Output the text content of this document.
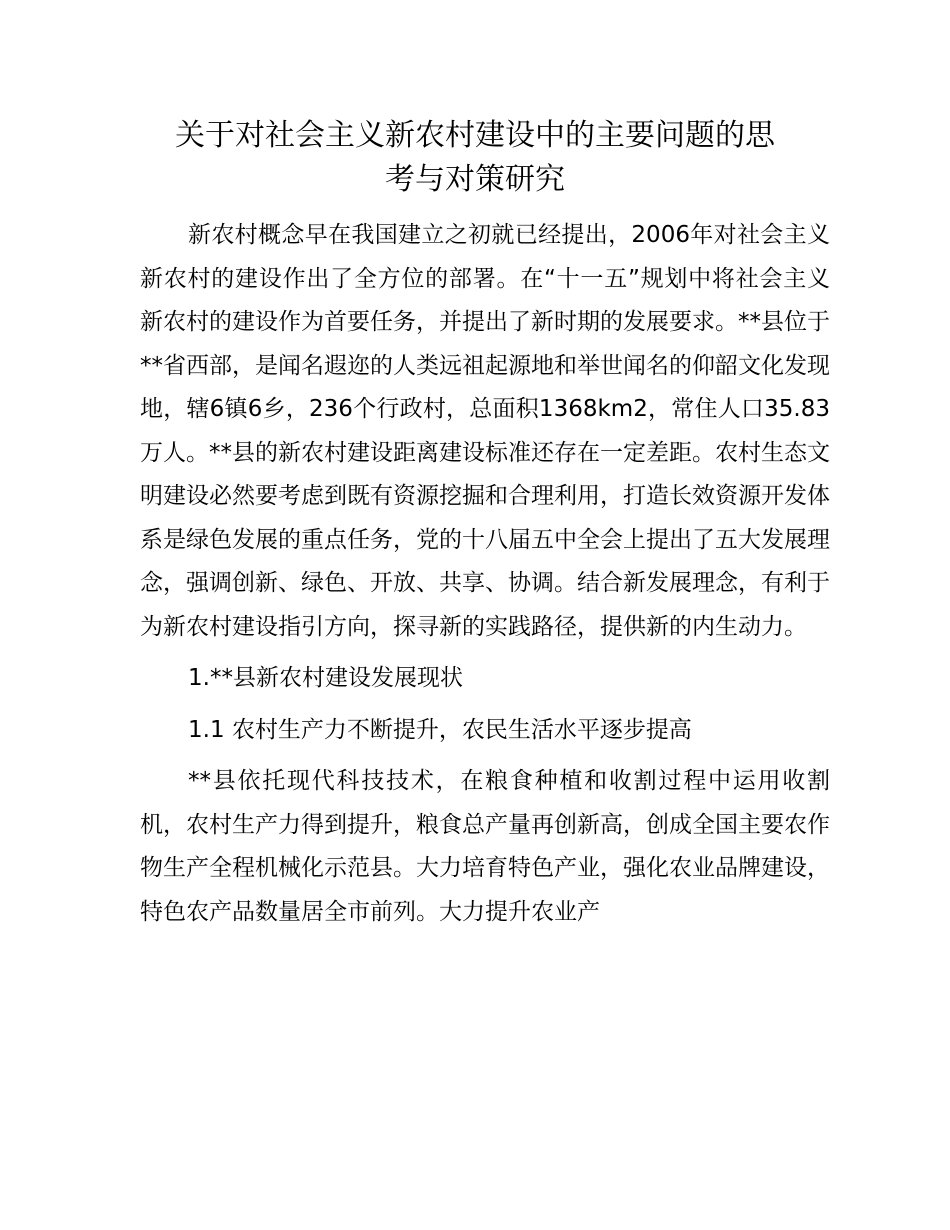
关于对社会主义新农村建设中的主要问题的思
考与对策研究

新农村概念早在我国建立之初就已经提出，2006年对社会主义新农村的建设作出了全方位的部署。在“十一五”规划中将社会主义新农村的建设作为首要任务，并提出了新时期的发展要求。**县位于**省西部，是闻名遐迩的人类远祖起源地和举世闻名的仰韶文化发现地，辖6镇6乡，236个行政村，总面积1368km2，常住人口35.83万人。**县的新农村建设距离建设标准还存在一定差距。农村生态文明建设必然要考虑到既有资源挖掘和合理利用，打造长效资源开发体系是绿色发展的重点任务，党的十八届五中全会上提出了五大发展理念，强调创新、绿色、开放、共享、协调。结合新发展理念，有利于为新农村建设指引方向，探寻新的实践路径，提供新的内生动力。

1.**县新农村建设发展现状

1.1 农村生产力不断提升，农民生活水平逐步提高

**县依托现代科技技术，在粮食种植和收割过程中运用收割机，农村生产力得到提升，粮食总产量再创新高，创成全国主要农作物生产全程机械化示范县。大力培育特色产业，强化农业品牌建设，特色农产品数量居全市前列。大力提升农业产
